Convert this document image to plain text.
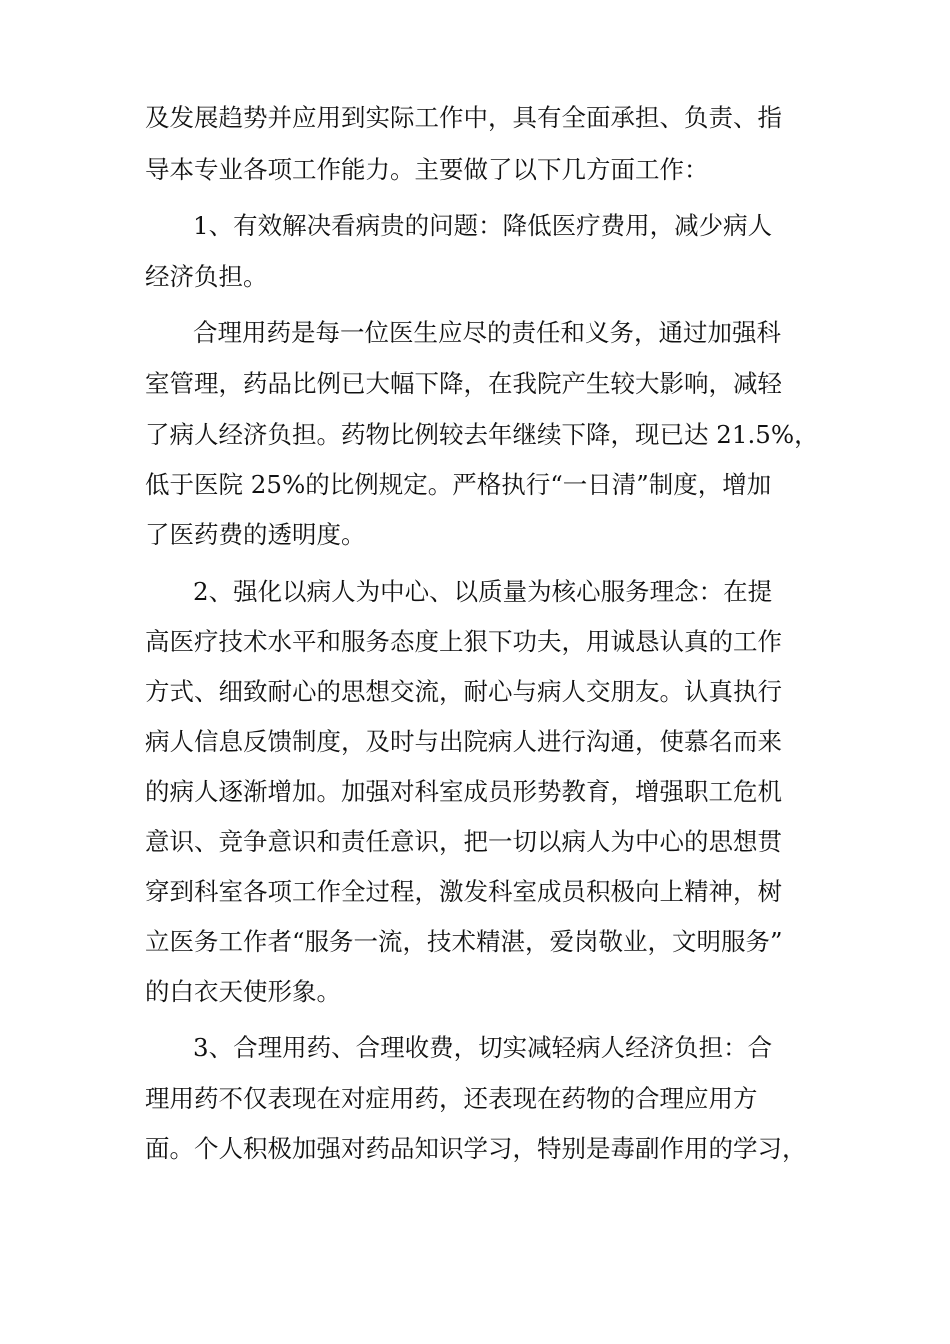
及发展趋势并应用到实际工作中，具有全面承担、负责、指
导本专业各项工作能力。主要做了以下几方面工作：
1、有效解决看病贵的问题：降低医疗费用，减少病人
经济负担。
合理用药是每一位医生应尽的责任和义务，通过加强科
室管理，药品比例已大幅下降，在我院产生较大影响，减轻
了病人经济负担。药物比例较去年继续下降，现已达 21.5%，
低于医院 25%的比例规定。严格执行“一日清”制度，增加
了医药费的透明度。
2、强化以病人为中心、以质量为核心服务理念：在提
高医疗技术水平和服务态度上狠下功夫，用诚恳认真的工作
方式、细致耐心的思想交流，耐心与病人交朋友。认真执行
病人信息反馈制度，及时与出院病人进行沟通，使慕名而来
的病人逐渐增加。加强对科室成员形势教育，增强职工危机
意识、竞争意识和责任意识，把一切以病人为中心的思想贯
穿到科室各项工作全过程，激发科室成员积极向上精神，树
立医务工作者“服务一流，技术精湛，爱岗敬业，文明服务”
的白衣天使形象。
3、合理用药、合理收费，切实减轻病人经济负担：合
理用药不仅表现在对症用药，还表现在药物的合理应用方
面。个人积极加强对药品知识学习，特别是毒副作用的学习，
